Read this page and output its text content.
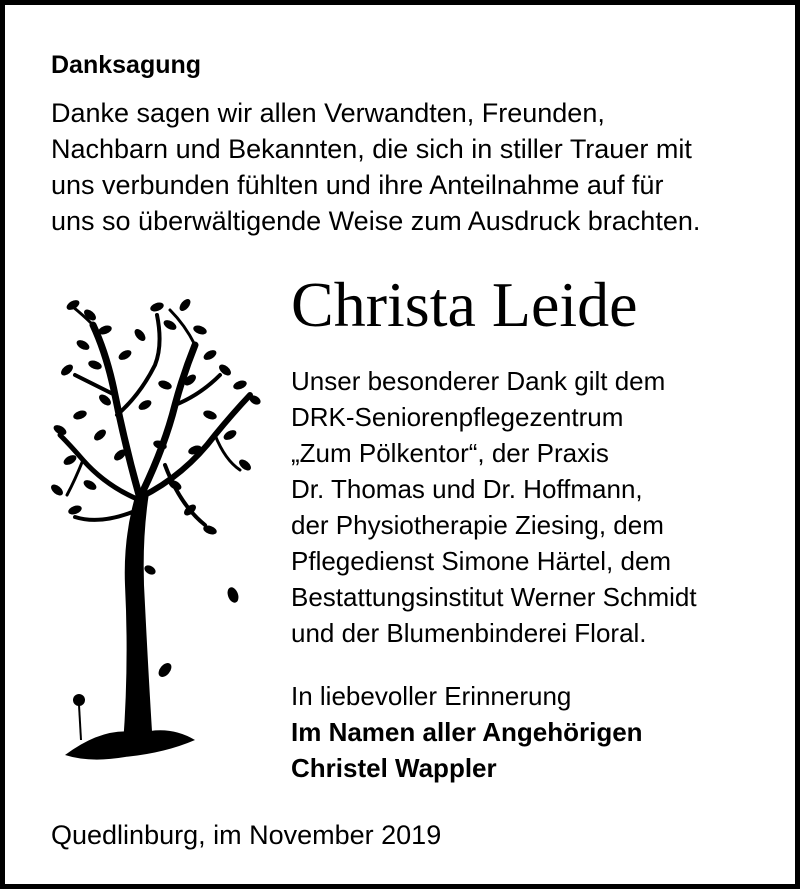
Danksagung
Danke sagen wir allen Verwandten, Freunden,
Nachbarn und Bekannten, die sich in stiller Trauer mit
uns verbunden fühlten und ihre Anteilnahme auf für
uns so überwältigende Weise zum Ausdruck brachten.
Christa Leide
Unser besonderer Dank gilt dem
DRK-Seniorenpflegezentrum
„Zum Pölkentor“, der Praxis
Dr. Thomas und Dr. Hoffmann,
der Physiotherapie Ziesing, dem
Pflegedienst Simone Härtel, dem
Bestattungsinstitut Werner Schmidt
und der Blumenbinderei Floral.
In liebevoller Erinnerung
Im Namen aller Angehörigen
Christel Wappler
Quedlinburg, im November 2019
